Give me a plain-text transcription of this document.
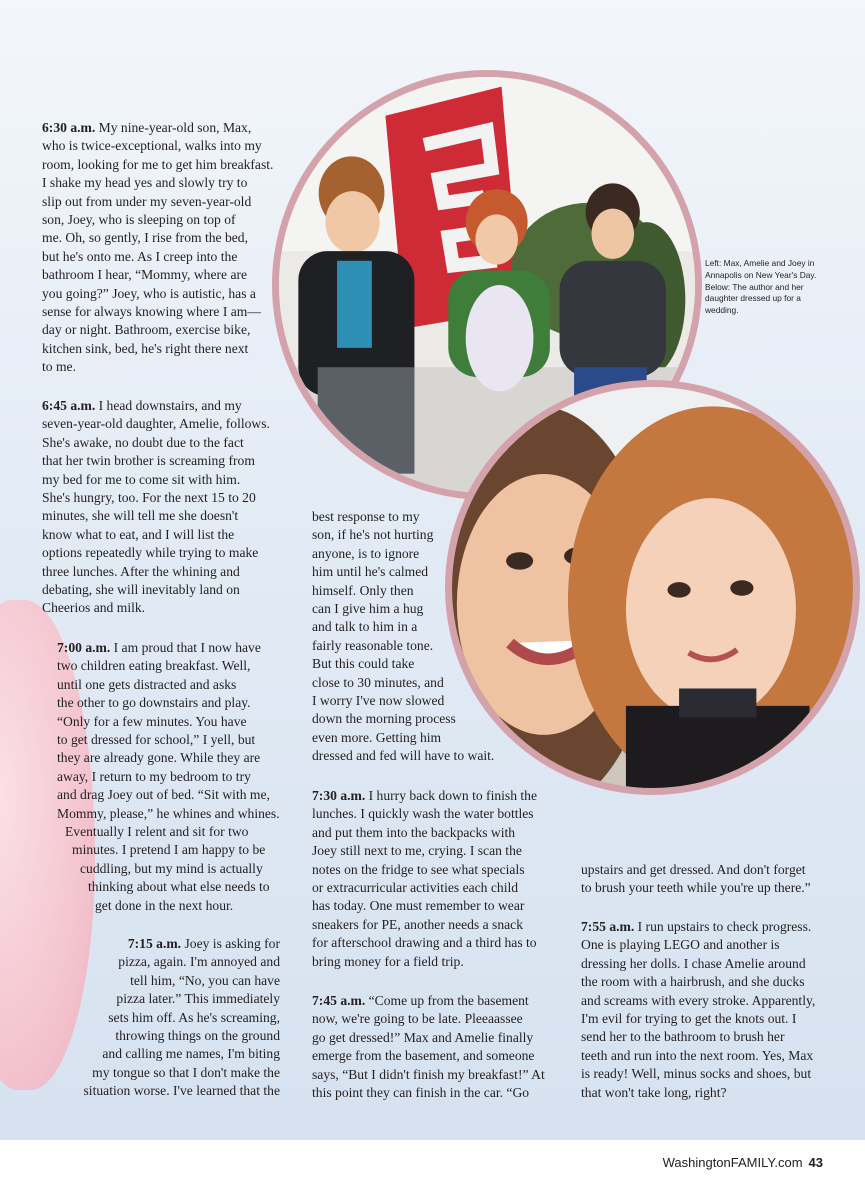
Left: Max, Amelie and Joey in
Annapolis on New Year's Day.
Below: The author and her
daughter dressed up for a
wedding.
6:30 a.m. My nine-year-old son, Max,
who is twice-exceptional, walks into my
room, looking for me to get him breakfast.
I shake my head yes and slowly try to
slip out from under my seven-year-old
son, Joey, who is sleeping on top of
me. Oh, so gently, I rise from the bed,
but he's onto me. As I creep into the
bathroom I hear, “Mommy, where are
you going?” Joey, who is autistic, has a
sense for always knowing where I am—
day or night. Bathroom, exercise bike,
kitchen sink, bed, he's right there next
to me.
6:45 a.m. I head downstairs, and my
seven-year-old daughter, Amelie, follows.
She's awake, no doubt due to the fact
that her twin brother is screaming from
my bed for me to come sit with him.
She's hungry, too. For the next 15 to 20
minutes, she will tell me she doesn't
know what to eat, and I will list the
options repeatedly while trying to make
three lunches. After the whining and
debating, she will inevitably land on
Cheerios and milk.
7:00 a.m. I am proud that I now have
two children eating breakfast. Well,
until one gets distracted and asks
the other to go downstairs and play.
“Only for a few minutes. You have
to get dressed for school,” I yell, but
they are already gone. While they are
away, I return to my bedroom to try
and drag Joey out of bed. “Sit with me,
Mommy, please,” he whines and whines.
Eventually I relent and sit for two
minutes. I pretend I am happy to be
cuddling, but my mind is actually
thinking about what else needs to
get done in the next hour.
7:15 a.m. Joey is asking for
pizza, again. I'm annoyed and
tell him, “No, you can have
pizza later.” This immediately
sets him off. As he's screaming,
throwing things on the ground
and calling me names, I'm biting
my tongue so that I don't make the
situation worse. I've learned that the
best response to my
son, if he's not hurting
anyone, is to ignore
him until he's calmed
himself. Only then
can I give him a hug
and talk to him in a
fairly reasonable tone.
But this could take
close to 30 minutes, and
I worry I've now slowed
down the morning process
even more. Getting him
dressed and fed will have to wait.
7:30 a.m. I hurry back down to finish the
lunches. I quickly wash the water bottles
and put them into the backpacks with
Joey still next to me, crying. I scan the
notes on the fridge to see what specials
or extracurricular activities each child
has today. One must remember to wear
sneakers for PE, another needs a snack
for afterschool drawing and a third has to
bring money for a field trip.
7:45 a.m. “Come up from the basement
now, we're going to be late. Pleeaassee
go get dressed!” Max and Amelie finally
emerge from the basement, and someone
says, “But I didn't finish my breakfast!” At
this point they can finish in the car. “Go
upstairs and get dressed. And don't forget
to brush your teeth while you're up there.”
7:55 a.m. I run upstairs to check progress.
One is playing LEGO and another is
dressing her dolls. I chase Amelie around
the room with a hairbrush, and she ducks
and screams with every stroke. Apparently,
I'm evil for trying to get the knots out. I
send her to the bathroom to brush her
teeth and run into the next room. Yes, Max
is ready! Well, minus socks and shoes, but
that won't take long, right?
WashingtonFAMILY.com 43
